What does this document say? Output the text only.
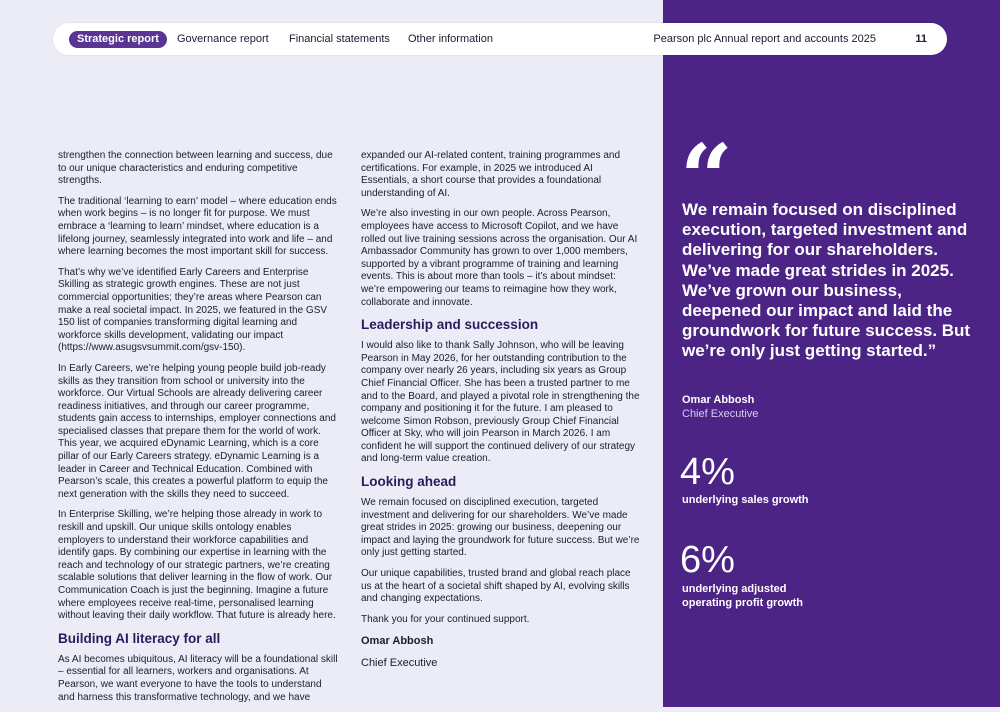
Strategic report	Governance report Financial statements Other information	Pearson plc Annual report and accounts 2025	11

strengthen the connection between learning and success, due to our unique characteristics and enduring competitive strengths.

The traditional ‘learning to earn’ model – where education ends when work begins – is no longer fit for purpose. We must embrace a ‘learning to learn’ mindset, where education is a lifelong journey, seamlessly integrated into work and life – and where learning becomes the most important skill for success.

That’s why we’ve identified Early Careers and Enterprise Skilling as strategic growth engines. These are not just commercial opportunities; they’re areas where Pearson can make a real societal impact. In 2025, we featured in the GSV 150 list of companies transforming digital learning and workforce skills development, validating our impact (https://www.asugsvsummit.com/gsv-150).

In Early Careers, we’re helping young people build job-ready skills as they transition from school or university into the workforce. Our Virtual Schools are already delivering career readiness initiatives, and through our career programme, students gain access to internships, employer connections and specialised classes that prepare them for the world of work. This year, we acquired eDynamic Learning, which is a core pillar of our Early Careers strategy. eDynamic Learning is a leader in Career and Technical Education. Combined with Pearson’s scale, this creates a powerful platform to equip the next generation with the skills they need to succeed.

In Enterprise Skilling, we’re helping those already in work to reskill and upskill. Our unique skills ontology enables employers to understand their workforce capabilities and identify gaps. By combining our expertise in learning with the reach and technology of our strategic partners, we’re creating scalable solutions that deliver learning in the flow of work. Our Communication Coach is just the beginning. Imagine a future where employees receive real-time, personalised learning without leaving their daily workflow. That future is already here.

Building AI literacy for all

As AI becomes ubiquitous, AI literacy will be a foundational skill – essential for all learners, workers and organisations. At Pearson, we want everyone to have the tools to understand and harness this transformative technology, and we have

expanded our AI-related content, training programmes and certifications. For example, in 2025 we introduced AI Essentials, a short course that provides a foundational understanding of AI.

We’re also investing in our own people. Across Pearson, employees have access to Microsoft Copilot, and we have rolled out live training sessions across the organisation. Our AI Ambassador Community has grown to over 1,000 members, supported by a vibrant programme of training and learning events. This is about more than tools – it’s about mindset: we’re empowering our teams to reimagine how they work, collaborate and innovate.

Leadership and succession

I would also like to thank Sally Johnson, who will be leaving Pearson in May 2026, for her outstanding contribution to the company over nearly 26 years, including six years as Group Chief Financial Officer. She has been a trusted partner to me and to the Board, and played a pivotal role in strengthening the company and positioning it for the future. I am pleased to welcome Simon Robson, previously Group Chief Financial Officer at Sky, who will join Pearson in March 2026. I am confident he will support the continued delivery of our strategy and long-term value creation.

Looking ahead

We remain focused on disciplined execution, targeted investment and delivering for our shareholders. We’ve made great strides in 2025: growing our business, deepening our impact and laying the groundwork for future success. But we’re only just getting started.

Our unique capabilities, trusted brand and global reach place us at the heart of a societal shift shaped by AI, evolving skills and changing expectations.

Thank you for your continued support.

Omar Abbosh

Chief Executive

“

We remain focused on disciplined execution, targeted investment and delivering for our shareholders. We’ve made great strides in 2025. We’ve grown our business, deepened our impact and laid the groundwork for future success. But we’re only just getting started.”

Omar Abbosh
Chief Executive
4%
underlying sales growth
6%
underlying adjusted operating profit growth
